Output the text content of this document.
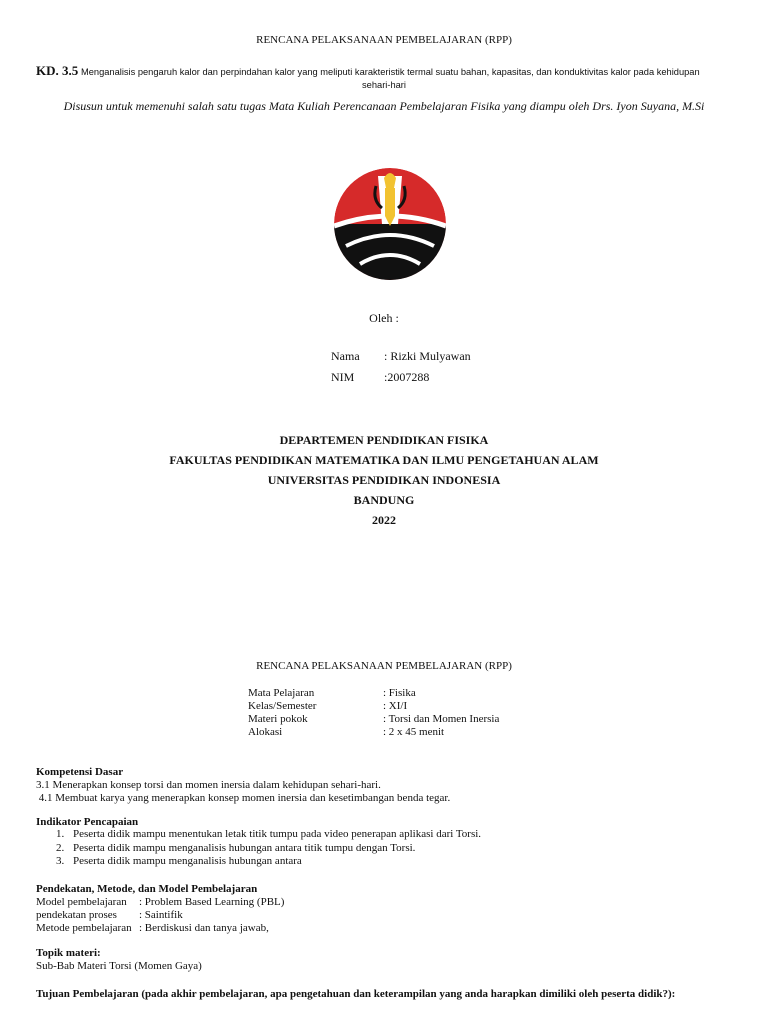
RENCANA PELAKSANAAN PEMBELAJARAN (RPP)
KD. 3.5 Menganalisis pengaruh kalor dan perpindahan kalor yang meliputi karakteristik termal suatu bahan, kapasitas, dan konduktivitas kalor pada kehidupan
sehari-hari
Disusun untuk memenuhi salah satu tugas Mata Kuliah Perencanaan Pembelajaran Fisika yang diampu oleh Drs. Iyon Suyana, M.Si
Oleh :
Nama : Rizki Mulyawan
NIM :2007288
DEPARTEMEN PENDIDIKAN FISIKA
FAKULTAS PENDIDIKAN MATEMATIKA DAN ILMU PENGETAHUAN ALAM
UNIVERSITAS PENDIDIKAN INDONESIA
BANDUNG
2022
RENCANA PELAKSANAAN PEMBELAJARAN (RPP)
Mata Pelajaran	: Fisika
Kelas/Semester	: XI/I
Materi pokok	: Torsi dan Momen Inersia
Alokasi	: 2 x 45 menit
Kompetensi Dasar
3.1 Menerapkan konsep torsi dan momen inersia dalam kehidupan sehari-hari.
4.1 Membuat karya yang menerapkan konsep momen inersia dan kesetimbangan benda tegar.
Indikator Pencapaian
1. Peserta didik mampu menentukan letak titik tumpu pada video penerapan aplikasi dari Torsi.
2. Peserta didik mampu menganalisis hubungan antara titik tumpu dengan Torsi.
3. Peserta didik mampu menganalisis hubungan antara
Pendekatan, Metode, dan Model Pembelajaran
Model pembelajaran : Problem Based Learning (PBL)
pendekatan proses : Saintifik
Metode pembelajaran : Berdiskusi dan tanya jawab,
Topik materi:
Sub-Bab Materi Torsi (Momen Gaya)
Tujuan Pembelajaran (pada akhir pembelajaran, apa pengetahuan dan keterampilan yang anda harapkan dimiliki oleh peserta didik?):
